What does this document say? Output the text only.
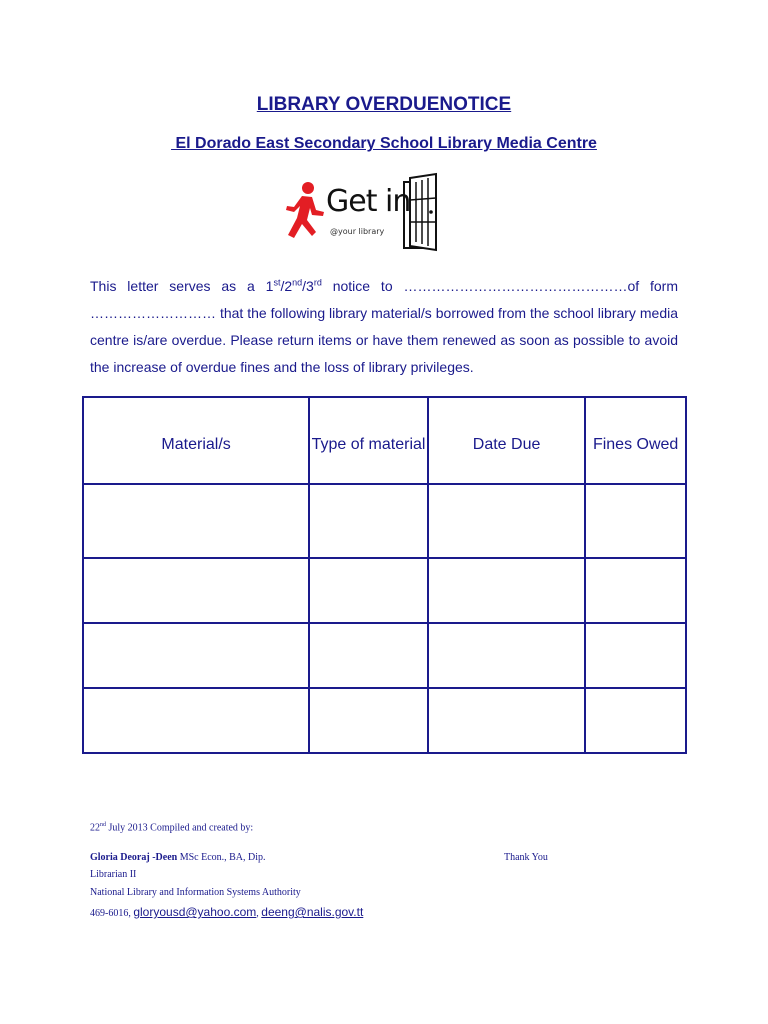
LIBRARY OVERDUENOTICE
El Dorado East Secondary School Library Media Centre
Get in
@your library
This letter serves as a 1st/2nd/3rd notice to …………………………………………of form ……………………… that the following library material/s borrowed from the school library media centre is/are overdue. Please return items or have them renewed as soon as possible to avoid the increase of overdue fines and the loss of library privileges.
Material/s	Type of material	Date Due	Fines Owed

22nd July 2013 Compiled and created by:
Gloria Deoraj -Deen MSc Econ., BA, Dip.	Thank You
Librarian II
National Library and Information Systems Authority
469-6016, gloryousd@yahoo.com, deeng@nalis.gov.tt
